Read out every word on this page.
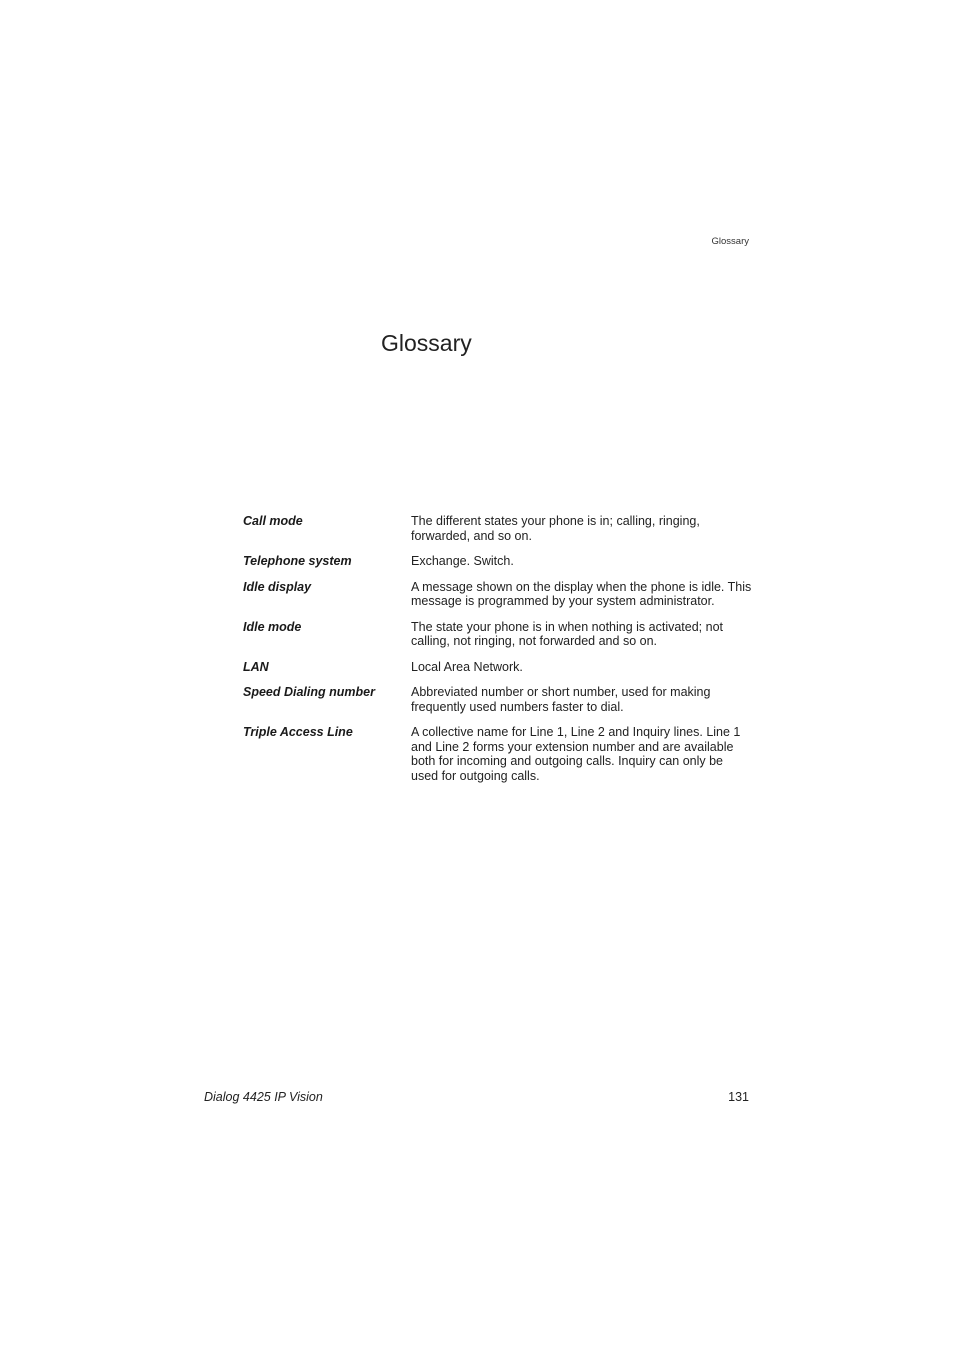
Glossary
Glossary
Call mode	The different states your phone is in; calling, ringing, forwarded, and so on.
Telephone system	Exchange. Switch.
Idle display	A message shown on the display when the phone is idle. This message is programmed by your system administrator.
Idle mode	The state your phone is in when nothing is activated; not calling, not ringing, not forwarded and so on.
LAN	Local Area Network.
Speed Dialing number	Abbreviated number or short number, used for making frequently used numbers faster to dial.
Triple Access Line	A collective name for Line 1, Line 2 and Inquiry lines. Line 1 and Line 2 forms your extension number and are available both for incoming and outgoing calls. Inquiry can only be used for outgoing calls.
Dialog 4425 IP Vision	131
